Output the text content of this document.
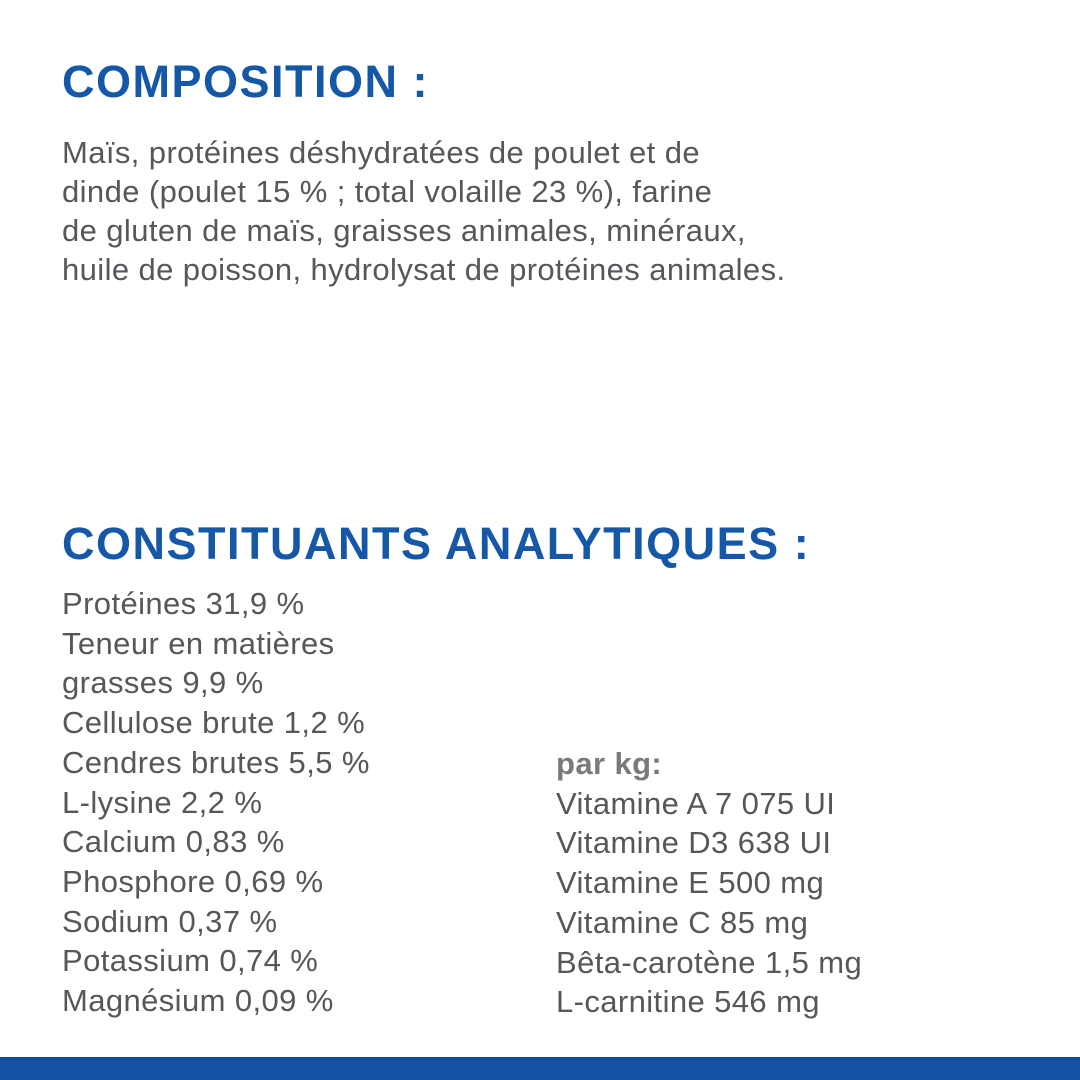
COMPOSITION :
Maïs, protéines déshydratées de poulet et de
dinde (poulet 15 % ; total volaille 23 %), farine
de gluten de maïs, graisses animales, minéraux,
huile de poisson, hydrolysat de protéines animales.
CONSTITUANTS ANALYTIQUES :
Protéines 31,9 %
Teneur en matières
grasses 9,9 %
Cellulose brute 1,2 %
Cendres brutes 5,5 %
L-lysine 2,2 %
Calcium 0,83 %
Phosphore 0,69 %
Sodium 0,37 %
Potassium 0,74 %
Magnésium 0,09 %
par kg:
Vitamine A 7 075 UI
Vitamine D3 638 UI
Vitamine E 500 mg
Vitamine C 85 mg
Bêta-carotène 1,5 mg
L-carnitine 546 mg
